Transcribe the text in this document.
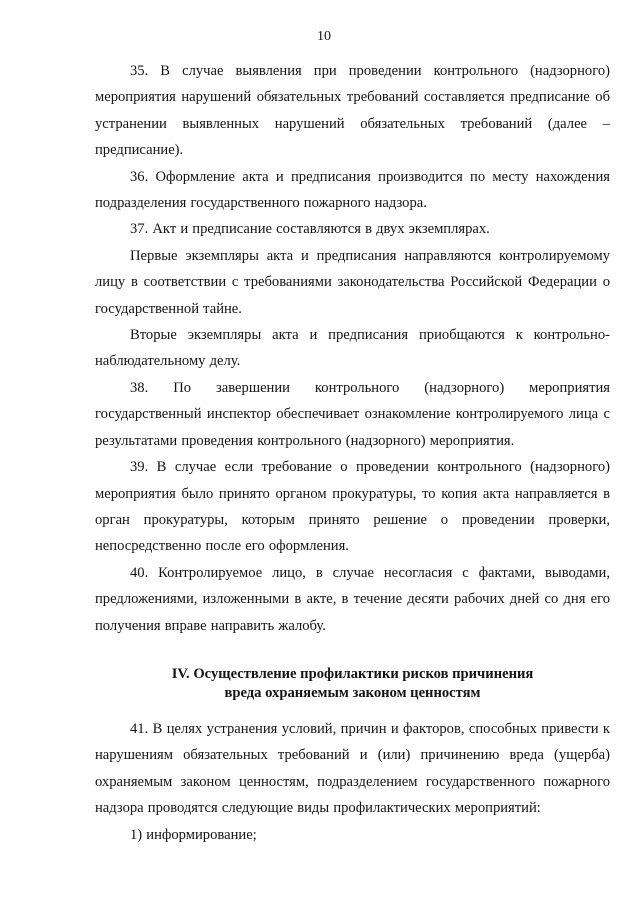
10

35. В случае выявления при проведении контрольного (надзорного) мероприятия нарушений обязательных требований составляется предписание об устранении выявленных нарушений обязательных требований (далее – предписание).

36. Оформление акта и предписания производится по месту нахождения подразделения государственного пожарного надзора.

37. Акт и предписание составляются в двух экземплярах.

Первые экземпляры акта и предписания направляются контролируемому лицу в соответствии с требованиями законодательства Российской Федерации о государственной тайне.

Вторые экземпляры акта и предписания приобщаются к контрольно-наблюдательному делу.

38. По завершении контрольного (надзорного) мероприятия государственный инспектор обеспечивает ознакомление контролируемого лица с результатами проведения контрольного (надзорного) мероприятия.

39. В случае если требование о проведении контрольного (надзорного) мероприятия было принято органом прокуратуры, то копия акта направляется в орган прокуратуры, которым принято решение о проведении проверки, непосредственно после его оформления.

40. Контролируемое лицо, в случае несогласия с фактами, выводами, предложениями, изложенными в акте, в течение десяти рабочих дней со дня его получения вправе направить жалобу.

IV. Осуществление профилактики рисков причинения
вреда охраняемым законом ценностям

41. В целях устранения условий, причин и факторов, способных привести к нарушениям обязательных требований и (или) причинению вреда (ущерба) охраняемым законом ценностям, подразделением государственного пожарного надзора проводятся следующие виды профилактических мероприятий:

1) информирование;
